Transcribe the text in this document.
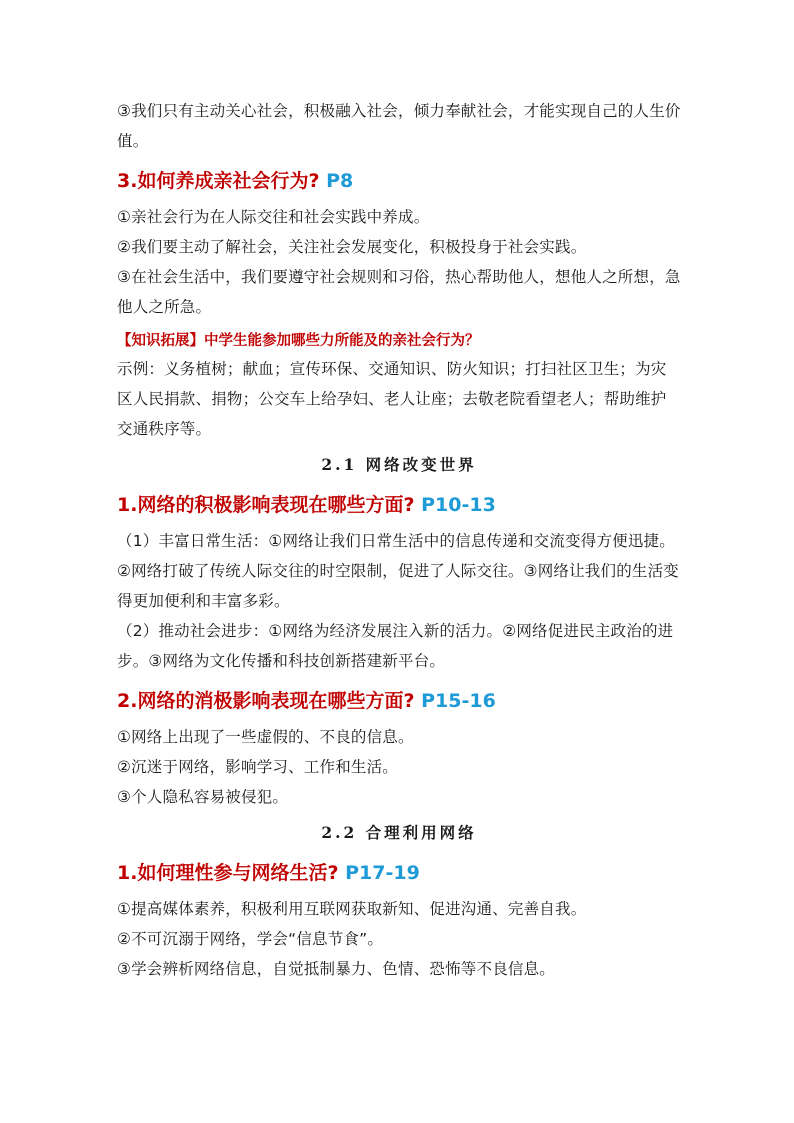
③我们只有主动关心社会，积极融入社会，倾力奉献社会，才能实现自己的人生价值。

3.如何养成亲社会行为? P8

①亲社会行为在人际交往和社会实践中养成。

②我们要主动了解社会，关注社会发展变化，积极投身于社会实践。

③在社会生活中，我们要遵守社会规则和习俗，热心帮助他人，想他人之所想，急他人之所急。

【知识拓展】中学生能参加哪些力所能及的亲社会行为？

示例：义务植树；献血；宣传环保、交通知识、防火知识；打扫社区卫生；为灾区人民捐款、捐物；公交车上给孕妇、老人让座；去敬老院看望老人；帮助维护交通秩序等。

2.1 网络改变世界
1.网络的积极影响表现在哪些方面? P10-13

（1）丰富日常生活：①网络让我们日常生活中的信息传递和交流变得方便迅捷。②网络打破了传统人际交往的时空限制，促进了人际交往。③网络让我们的生活变得更加便利和丰富多彩。

（2）推动社会进步：①网络为经济发展注入新的活力。②网络促进民主政治的进步。③网络为文化传播和科技创新搭建新平台。

2.网络的消极影响表现在哪些方面? P15-16

①网络上出现了一些虚假的、不良的信息。

②沉迷于网络，影响学习、工作和生活。

③个人隐私容易被侵犯。

2.2 合理利用网络
1.如何理性参与网络生活? P17-19

①提高媒体素养，积极利用互联网获取新知、促进沟通、完善自我。

②不可沉溺于网络，学会“信息节食”。

③学会辨析网络信息，自觉抵制暴力、色情、恐怖等不良信息。
